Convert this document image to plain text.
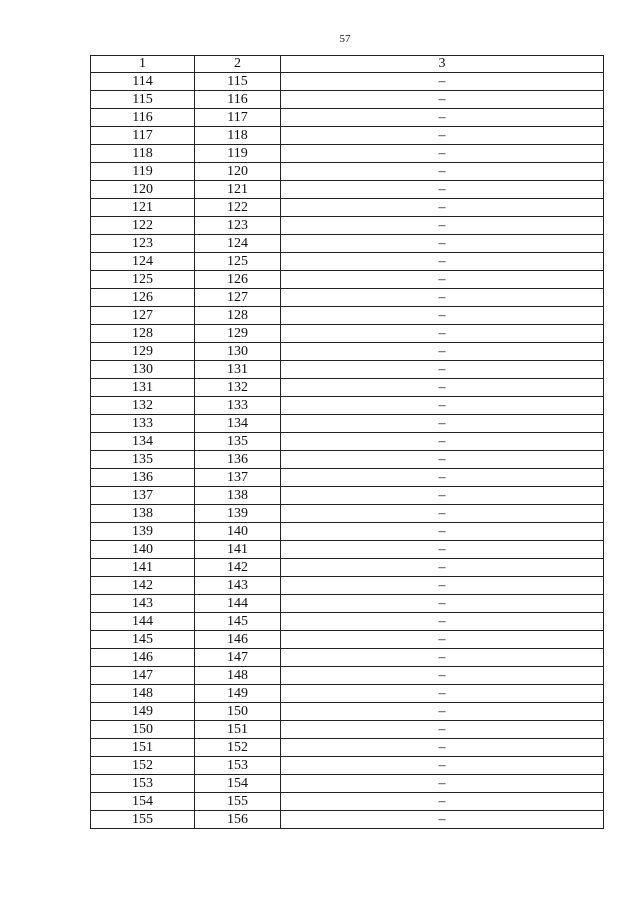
57
1	2	3
114	115	–
115	116	–
116	117	–
117	118	–
118	119	–
119	120	–
120	121	–
121	122	–
122	123	–
123	124	–
124	125	–
125	126	–
126	127	–
127	128	–
128	129	–
129	130	–
130	131	–
131	132	–
132	133	–
133	134	–
134	135	–
135	136	–
136	137	–
137	138	–
138	139	–
139	140	–
140	141	–
141	142	–
142	143	–
143	144	–
144	145	–
145	146	–
146	147	–
147	148	–
148	149	–
149	150	–
150	151	–
151	152	–
152	153	–
153	154	–
154	155	–
155	156	–
